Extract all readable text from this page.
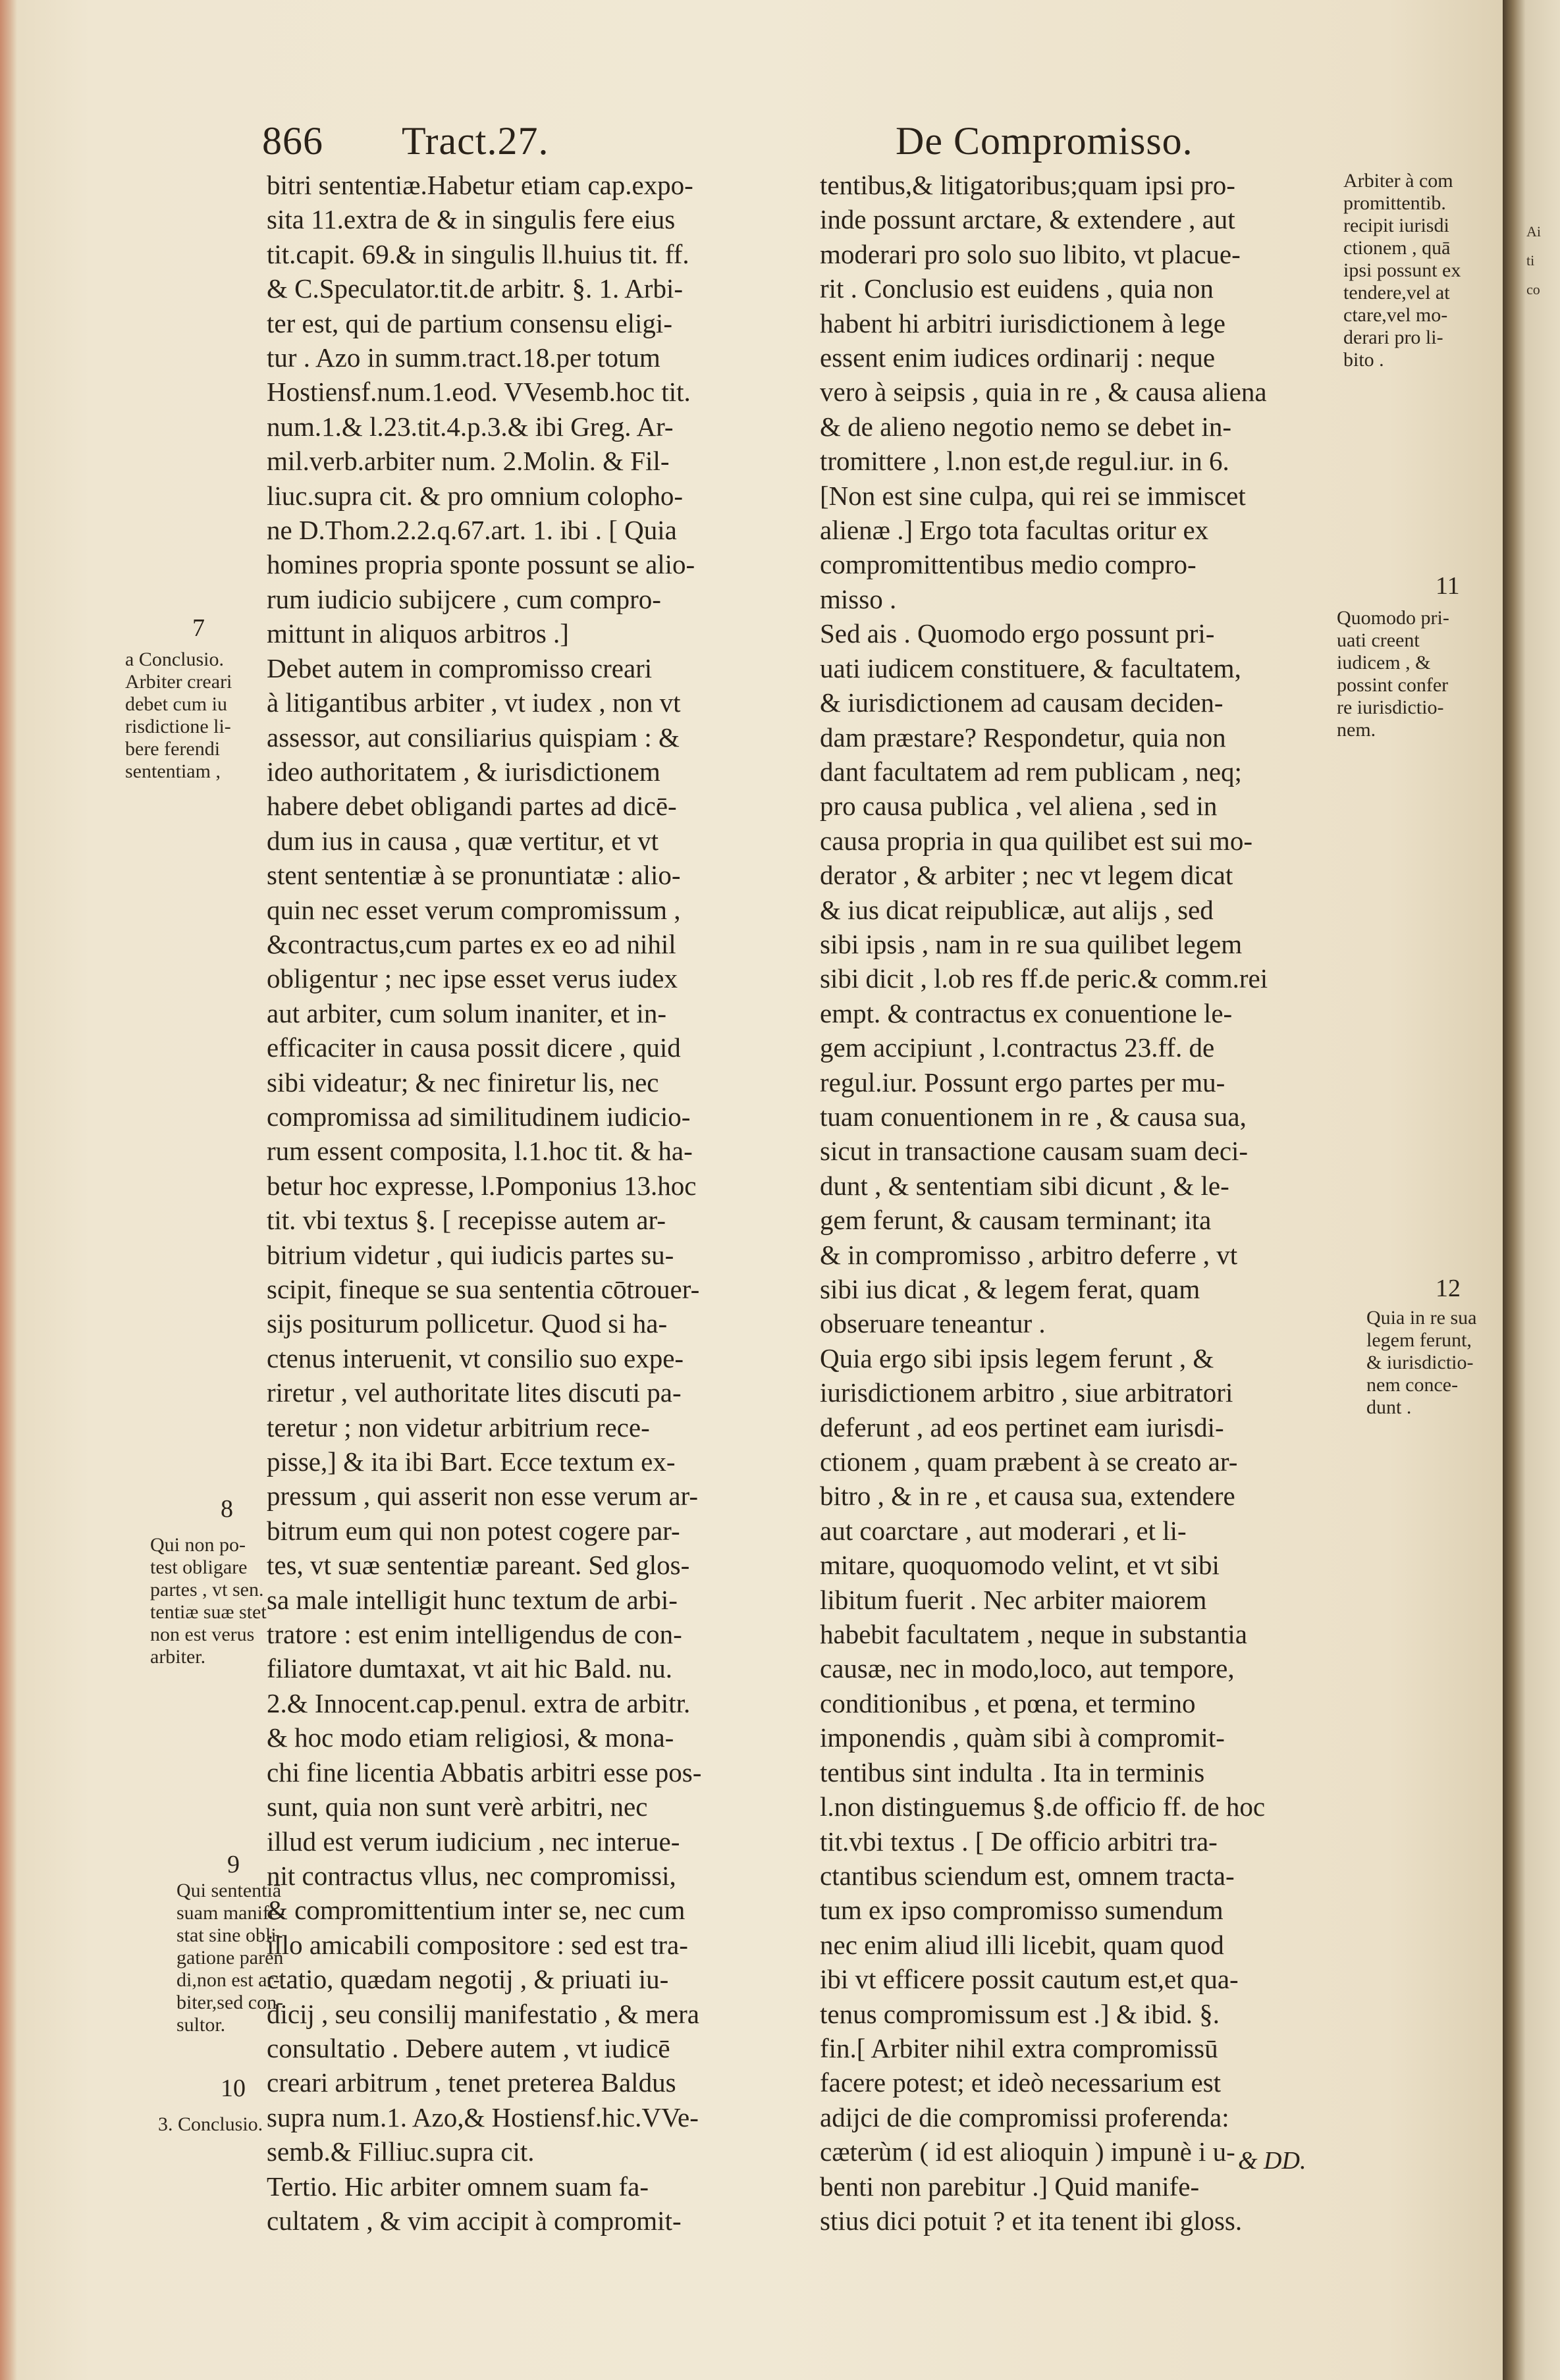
Ai
ti
co
866 Tract.27.	De Compromisso.
bitri sententiæ.Habetur etiam cap.expo-
sita 11.extra de & in singulis fere eius
tit.capit. 69.& in singulis ll.huius tit. ff.
& C.Speculator.tit.de arbitr. §. 1. Arbi-
ter est, qui de partium consensu eligi-
tur . Azo in summ.tract.18.per totum
Hostiensf.num.1.eod. VVesemb.hoc tit.
num.1.& l.23.tit.4.p.3.& ibi Greg. Ar-
mil.verb.arbiter num. 2.Molin. & Fil-
liuc.supra cit. & pro omnium colopho-
ne D.Thom.2.2.q.67.art. 1. ibi . [ Quia
homines propria sponte possunt se alio-
rum iudicio subijcere , cum compro-
mittunt in aliquos arbitros .]
Debet autem in compromisso creari
à litigantibus arbiter , vt iudex , non vt
assessor, aut consiliarius quispiam : &
ideo authoritatem , & iurisdictionem
habere debet obligandi partes ad dicē-
dum ius in causa , quæ vertitur, et vt
stent sententiæ à se pronuntiatæ : alio-
quin nec esset verum compromissum ,
&contractus,cum partes ex eo ad nihil
obligentur ; nec ipse esset verus iudex
aut arbiter, cum solum inaniter, et in-
efficaciter in causa possit dicere , quid
sibi videatur; & nec finiretur lis, nec
compromissa ad similitudinem iudicio-
rum essent composita, l.1.hoc tit. & ha-
betur hoc expresse, l.Pomponius 13.hoc
tit. vbi textus §. [ recepisse autem ar-
bitrium videtur , qui iudicis partes su-
scipit, fineque se sua sententia cōtrouer-
sijs positurum pollicetur. Quod si ha-
ctenus interuenit, vt consilio suo expe-
riretur , vel authoritate lites discuti pa-
teretur ; non videtur arbitrium rece-
pisse,] & ita ibi Bart. Ecce textum ex-
pressum , qui asserit non esse verum ar-
bitrum eum qui non potest cogere par-
tes, vt suæ sententiæ pareant. Sed glos-
sa male intelligit hunc textum de arbi-
tratore : est enim intelligendus de con-
filiatore dumtaxat, vt ait hic Bald. nu.
2.& Innocent.cap.penul. extra de arbitr.
& hoc modo etiam religiosi, & mona-
chi fine licentia Abbatis arbitri esse pos-
sunt, quia non sunt verè arbitri, nec
illud est verum iudicium , nec interue-
nit contractus vllus, nec compromissi,
& compromittentium inter se, nec cum
illo amicabili compositore : sed est tra-
ctatio, quædam negotij , & priuati iu-
dicij , seu consilij manifestatio , & mera
consultatio . Debere autem , vt iudicē
creari arbitrum , tenet preterea Baldus
supra num.1. Azo,& Hostiensf.hic.VVe-
semb.& Filliuc.supra cit.
Tertio. Hic arbiter omnem suam fa-
cultatem , & vim accipit à compromit-
tentibus,& litigatoribus;quam ipsi pro-
inde possunt arctare, & extendere , aut
moderari pro solo suo libito, vt placue-
rit . Conclusio est euidens , quia non
habent hi arbitri iurisdictionem à lege
essent enim iudices ordinarij : neque
vero à seipsis , quia in re , & causa aliena
& de alieno negotio nemo se debet in-
tromittere , l.non est,de regul.iur. in 6.
[Non est sine culpa, qui rei se immiscet
alienæ .] Ergo tota facultas oritur ex
compromittentibus medio compro-
misso .
Sed ais . Quomodo ergo possunt pri-
uati iudicem constituere, & facultatem,
& iurisdictionem ad causam deciden-
dam præstare? Respondetur, quia non
dant facultatem ad rem publicam , neq;
pro causa publica , vel aliena , sed in
causa propria in qua quilibet est sui mo-
derator , & arbiter ; nec vt legem dicat
& ius dicat reipublicæ, aut alijs , sed
sibi ipsis , nam in re sua quilibet legem
sibi dicit , l.ob res ff.de peric.& comm.rei
empt. & contractus ex conuentione le-
gem accipiunt , l.contractus 23.ff. de
regul.iur. Possunt ergo partes per mu-
tuam conuentionem in re , & causa sua,
sicut in transactione causam suam deci-
dunt , & sententiam sibi dicunt , & le-
gem ferunt, & causam terminant; ita
& in compromisso , arbitro deferre , vt
sibi ius dicat , & legem ferat, quam
obseruare teneantur .
Quia ergo sibi ipsis legem ferunt , &
iurisdictionem arbitro , siue arbitratori
deferunt , ad eos pertinet eam iurisdi-
ctionem , quam præbent à se creato ar-
bitro , & in re , et causa sua, extendere
aut coarctare , aut moderari , et li-
mitare, quoquomodo velint, et vt sibi
libitum fuerit . Nec arbiter maiorem
habebit facultatem , neque in substantia
causæ, nec in modo,loco, aut tempore,
conditionibus , et pœna, et termino
imponendis , quàm sibi à compromit-
tentibus sint indulta . Ita in terminis
l.non distinguemus §.de officio ff. de hoc
tit.vbi textus . [ De officio arbitri tra-
ctantibus sciendum est, omnem tracta-
tum ex ipso compromisso sumendum
nec enim aliud illi licebit, quam quod
ibi vt efficere possit cautum est,et qua-
tenus compromissum est .] & ibid. §.
fin.[ Arbiter nihil extra compromissū
facere potest; et ideò necessarium est
adijci de die compromissi proferenda:
cæterùm ( id est alioquin ) impunè i u-
benti non parebitur .] Quid manife-
stius dici potuit ? et ita tenent ibi gloss.
7
a Conclusio.
Arbiter creari
debet cum iu
risdictione li-
bere ferendi
sententiam ,
8
Qui non po-
test obligare
partes , vt sen.
tentiæ suæ stet
non est verus
arbiter.
9
Qui sententiā
suam manife-
stat sine obli-
gatione paren
di,non est ar-
biter,sed con-
sultor.
10
3. Conclusio.
Arbiter à com
promittentib.
recipit iurisdi
ctionem , quā
ipsi possunt ex
tendere,vel at
ctare,vel mo-
derari pro li-
bito .
11
Quomodo pri-
uati creent
iudicem , &
possint confer
re iurisdictio-
nem.
12
Quia in re sua
legem ferunt,
& iurisdictio-
nem conce-
dunt .
& DD.
